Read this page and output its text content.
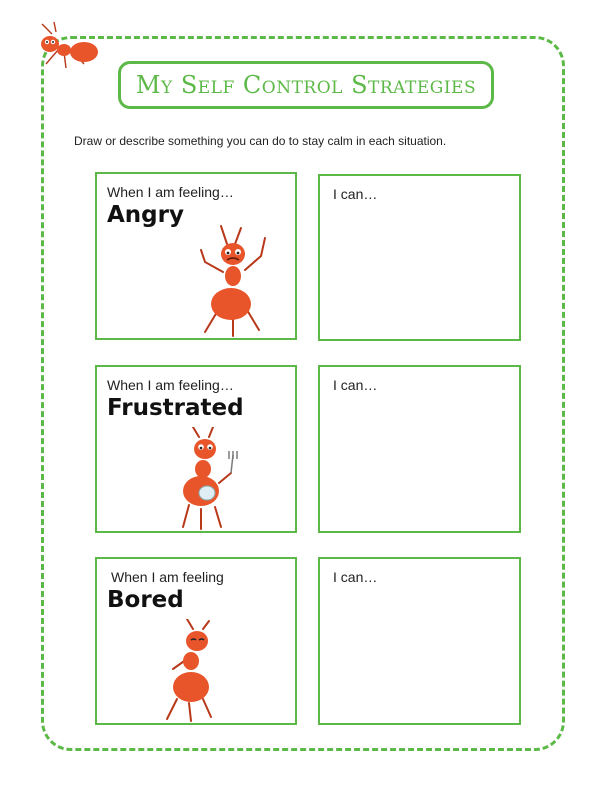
My Self Control Strategies
Draw or describe something you can do to stay calm in each situation.
When I am feeling…
Angry
I can…
When I am feeling…
Frustrated
I can…
When I am feeling
Bored
I can…
